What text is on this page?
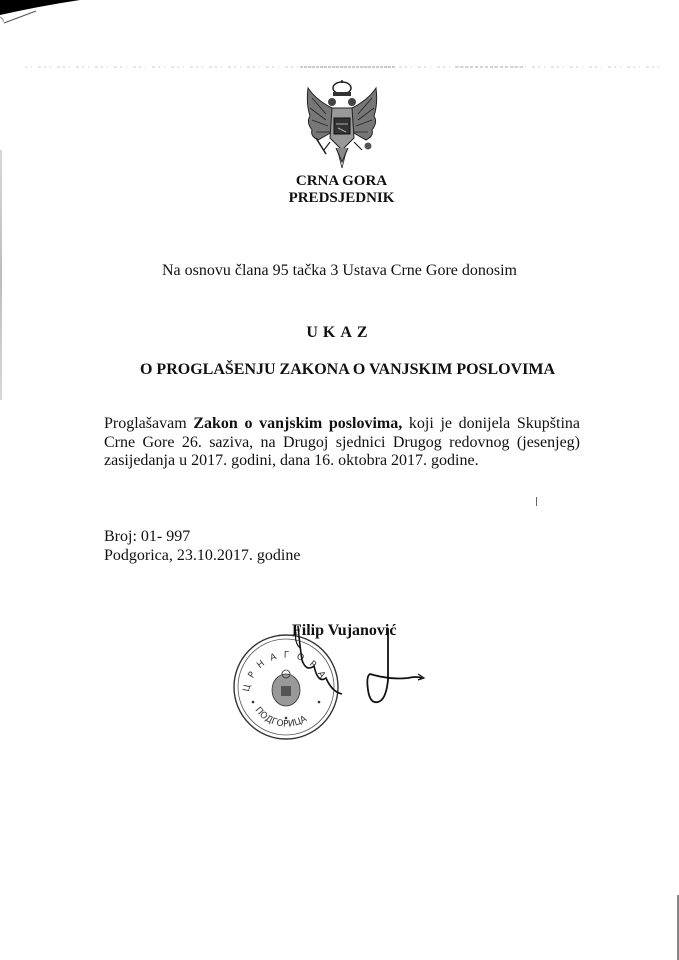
CRNA GORA
PREDSJEDNIK
Na osnovu člana 95 tačka 3 Ustava Crne Gore donosim
UKAZ
O PROGLAŠENJU ZAKONA O VANJSKIM POSLOVIMA
Proglašavam Zakon o vanjskim poslovima, koji je donijela Skupština Crne Gore 26. saziva, na Drugoj sjednici Drugog redovnog (jesenjeg) zasijedanja u 2017. godini, dana 16. oktobra 2017. godine.
Broj: 01- 997
Podgorica, 23.10.2017. godine
Filip Vujanović
Ц Р Н А Г О Р А
ПОДГОРИЦА
